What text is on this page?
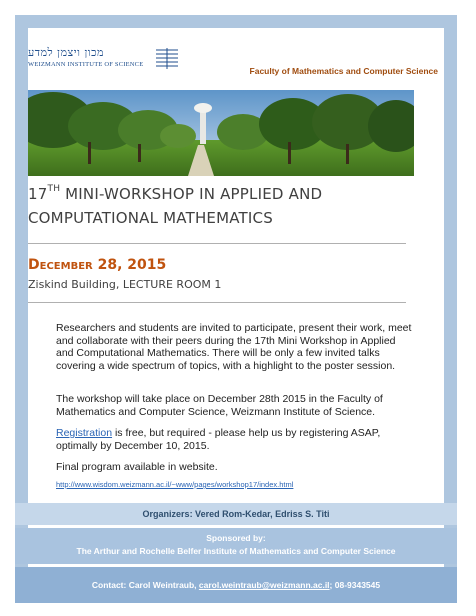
מכון ויצמן למדע
WEIZMANN INSTITUTE OF SCIENCE
Faculty of Mathematics and Computer Science
17TH MINI-WORKSHOP IN APPLIED AND
COMPUTATIONAL MATHEMATICS
December 28, 2015
Ziskind Building, LECTURE ROOM 1
Researchers and students are invited to participate, present their work, meet and collaborate with their peers during the 17th Mini Workshop in Applied and Computational Mathematics. There will be only a few invited talks covering a wide spectrum of topics, with a highlight to the poster session.
The workshop will take place on December 28th 2015 in the Faculty of Mathematics and Computer Science, Weizmann Institute of Science.
Registration is free, but required - please help us by registering ASAP, optimally by December 10, 2015.
Final program available in website.
http://www.wisdom.weizmann.ac.il/~www/pages/workshop17/index.html
Organizers: Vered Rom-Kedar, Edriss S. Titi
Sponsored by:
The Arthur and Rochelle Belfer Institute of Mathematics and Computer Science
Contact: Carol Weintraub, carol.weintraub@weizmann.ac.il; 08-9343545
